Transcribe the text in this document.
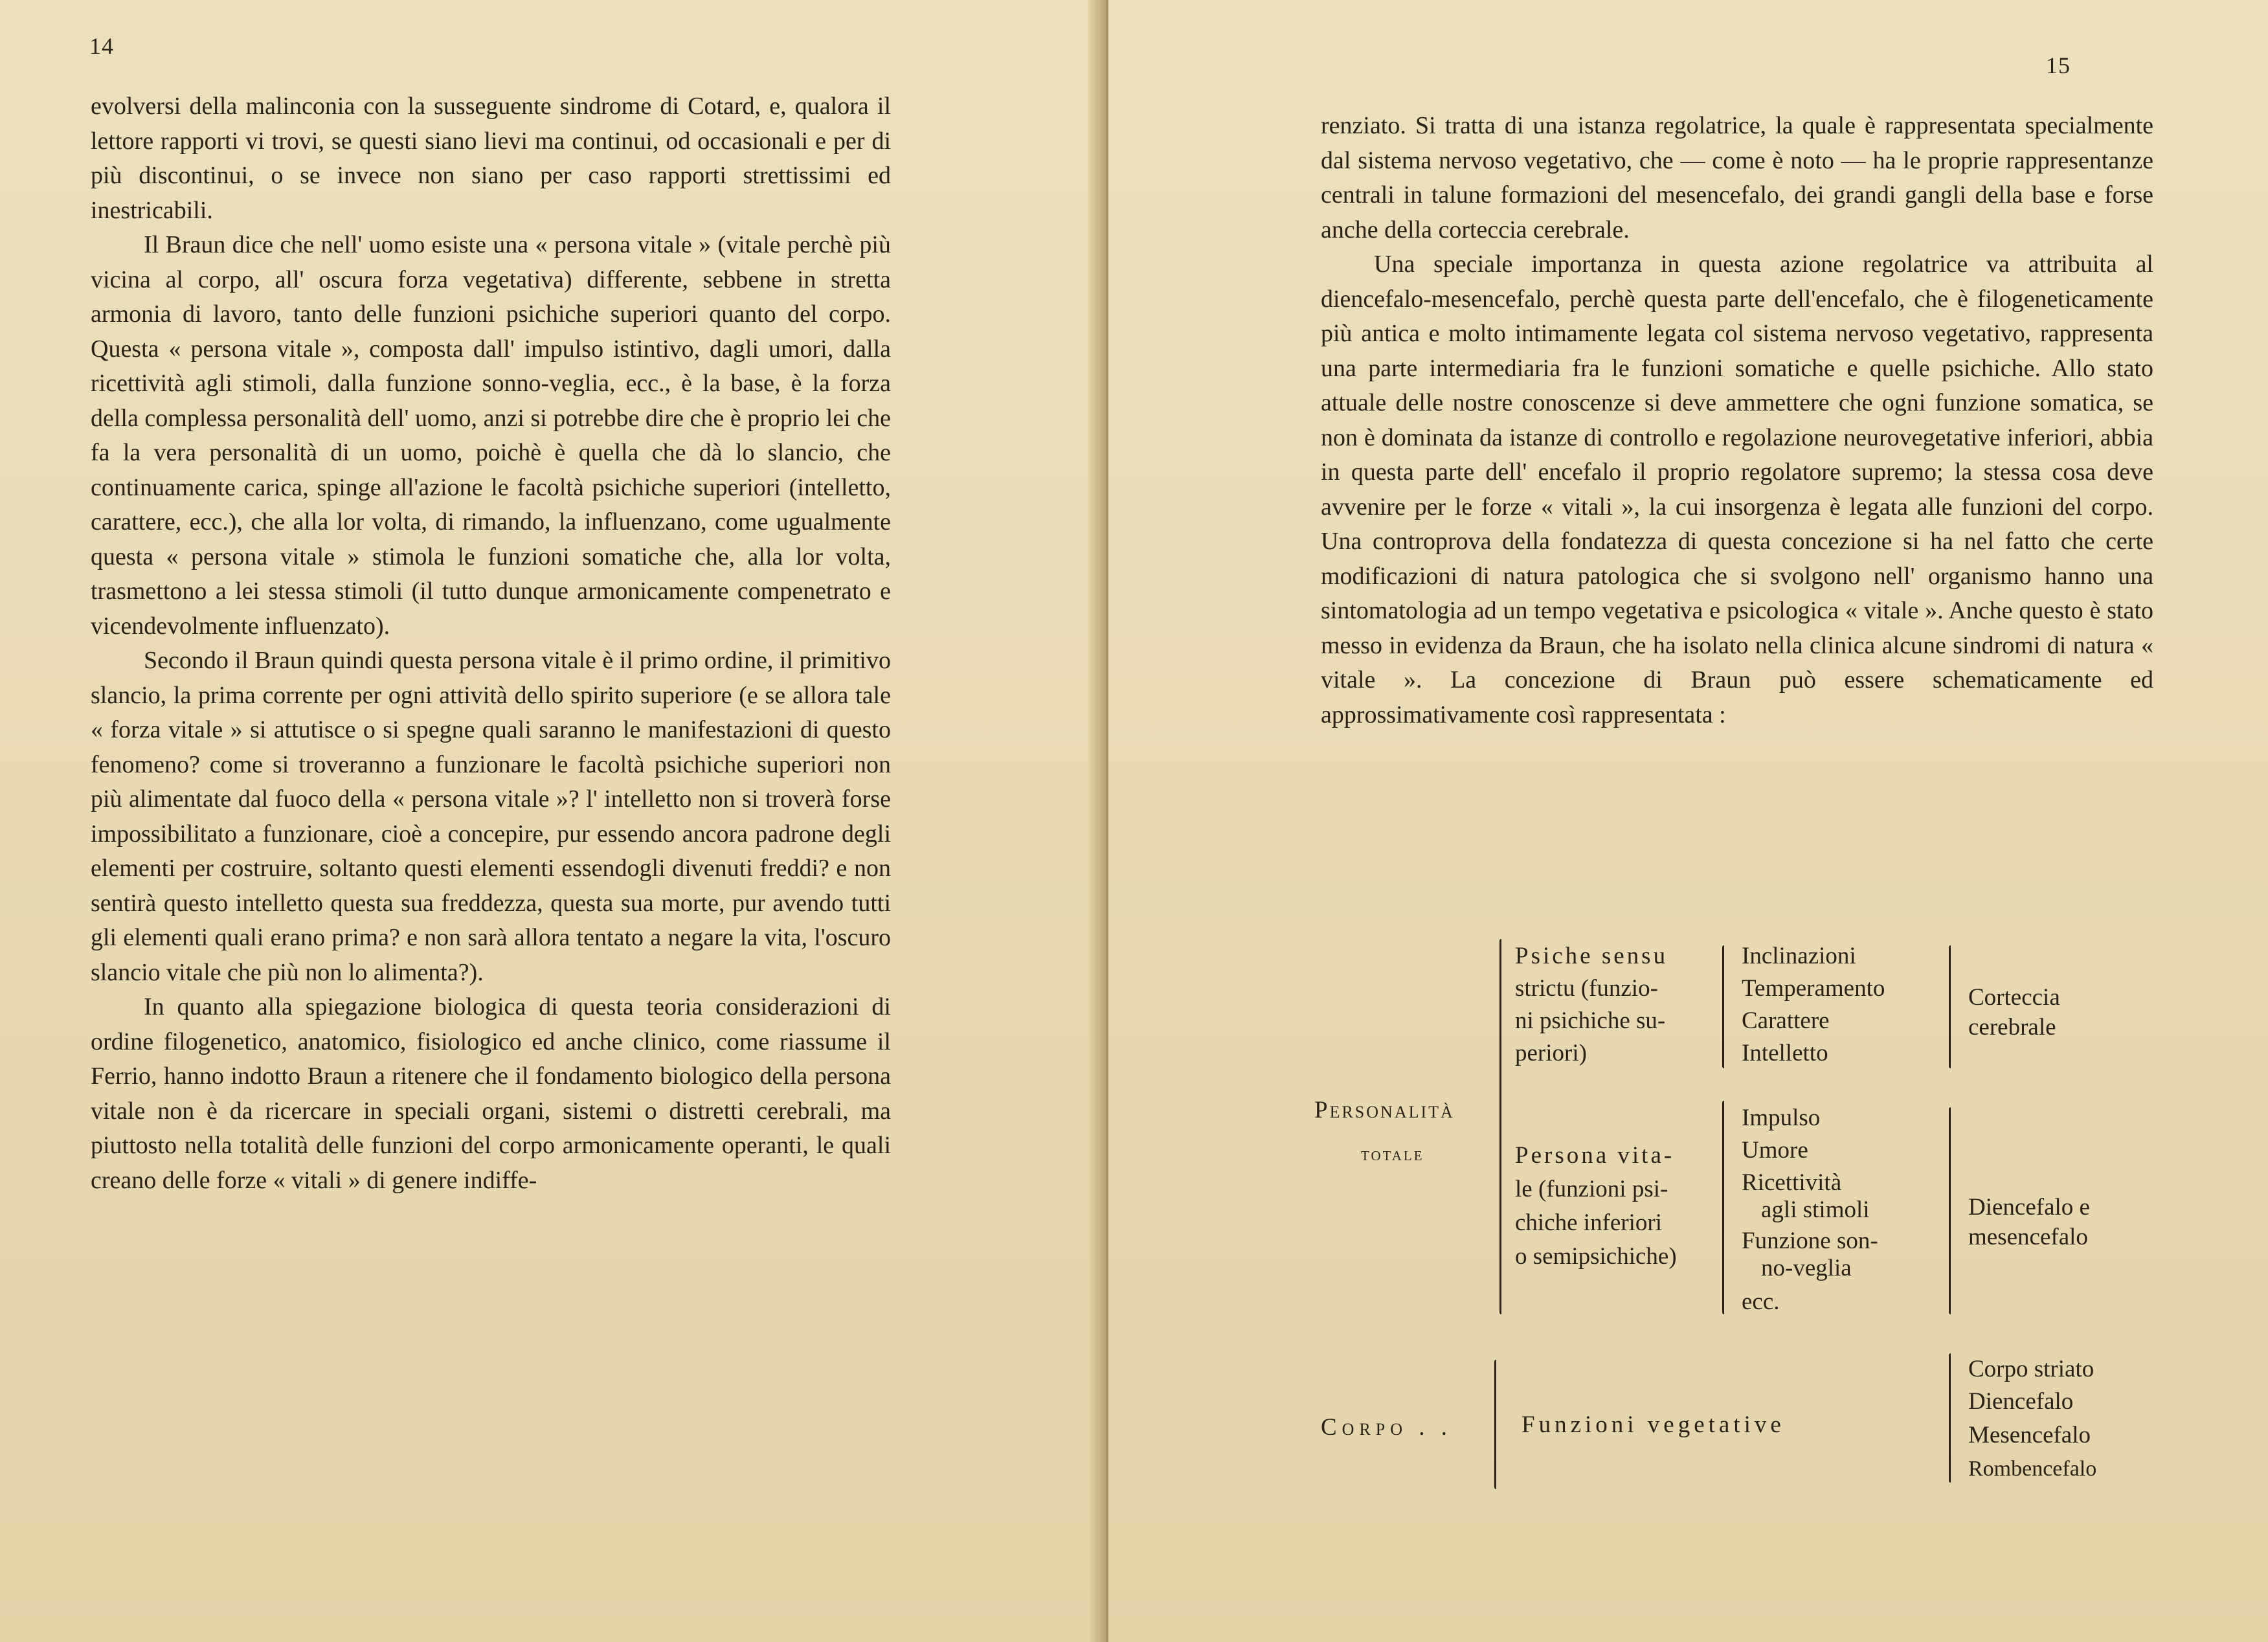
14

evolversi della malinconia con la susseguente sindrome di Cotard, e, qualora il lettore rapporti vi trovi, se questi siano lievi ma continui, od occasionali e per di più discontinui, o se invece non siano per caso rapporti strettissimi ed inestricabili.

Il Braun dice che nell' uomo esiste una « persona vitale » (vitale perchè più vicina al corpo, all' oscura forza vegetativa) differente, sebbene in stretta armonia di lavoro, tanto delle funzioni psichiche superiori quanto del corpo. Questa « persona vitale », composta dall' impulso istintivo, dagli umori, dalla ricettività agli stimoli, dalla funzione sonno-veglia, ecc., è la base, è la forza della complessa personalità dell' uomo, anzi si potrebbe dire che è proprio lei che fa la vera personalità di un uomo, poichè è quella che dà lo slancio, che continuamente carica, spinge all'azione le facoltà psichiche superiori (intelletto, carattere, ecc.), che alla lor volta, di rimando, la influenzano, come ugualmente questa « persona vitale » stimola le funzioni somatiche che, alla lor volta, trasmettono a lei stessa stimoli (il tutto dunque armonicamente compenetrato e vicendevolmente influenzato).

Secondo il Braun quindi questa persona vitale è il primo ordine, il primitivo slancio, la prima corrente per ogni attività dello spirito superiore (e se allora tale « forza vitale » si attutisce o si spegne quali saranno le manifestazioni di questo fenomeno? come si troveranno a funzionare le facoltà psichiche superiori non più alimentate dal fuoco della « persona vitale »? l' intelletto non si troverà forse impossibilitato a funzionare, cioè a concepire, pur essendo ancora padrone degli elementi per costruire, soltanto questi elementi essendogli divenuti freddi? e non sentirà questo intelletto questa sua freddezza, questa sua morte, pur avendo tutti gli elementi quali erano prima? e non sarà allora tentato a negare la vita, l'oscuro slancio vitale che più non lo alimenta?).

In quanto alla spiegazione biologica di questa teoria considerazioni di ordine filogenetico, anatomico, fisiologico ed anche clinico, come riassume il Ferrio, hanno indotto Braun a ritenere che il fondamento biologico della persona vitale non è da ricercare in speciali organi, sistemi o distretti cerebrali, ma piuttosto nella totalità delle funzioni del corpo armonicamente operanti, le quali creano delle forze « vitali » di genere indiffe-

15

renziato. Si tratta di una istanza regolatrice, la quale è rappresentata specialmente dal sistema nervoso vegetativo, che — come è noto — ha le proprie rappresentanze centrali in talune formazioni del mesencefalo, dei grandi gangli della base e forse anche della corteccia cerebrale.

Una speciale importanza in questa azione regolatrice va attribuita al diencefalo-mesencefalo, perchè questa parte dell'encefalo, che è filogeneticamente più antica e molto intimamente legata col sistema nervoso vegetativo, rappresenta una parte intermediaria fra le funzioni somatiche e quelle psichiche. Allo stato attuale delle nostre conoscenze si deve ammettere che ogni funzione somatica, se non è dominata da istanze di controllo e regolazione neurovegetative inferiori, abbia in questa parte dell' encefalo il proprio regolatore supremo; la stessa cosa deve avvenire per le forze « vitali », la cui insorgenza è legata alle funzioni del corpo. Una controprova della fondatezza di questa concezione si ha nel fatto che certe modificazioni di natura patologica che si svolgono nell' organismo hanno una sintomatologia ad un tempo vegetativa e psicologica « vitale ». Anche questo è stato messo in evidenza da Braun, che ha isolato nella clinica alcune sindromi di natura « vitale ». La concezione di Braun può essere schematicamente ed approssimativamente così rappresentata :

Personalità
totale
Psiche sensu
strictu (funzio-
ni psichiche su-
periori)
Inclinazioni
Temperamento
Carattere
Intelletto
Corteccia
cerebrale
Persona vita-
le (funzioni psi-
chiche inferiori
o semipsichiche)
Impulso
Umore
Ricettività
agli stimoli
Funzione son-
no-veglia
ecc.
Diencefalo e
mesencefalo
Corpo . .	Funzioni vegetative
Corpo striato
Diencefalo
Mesencefalo
Rombencefalo
